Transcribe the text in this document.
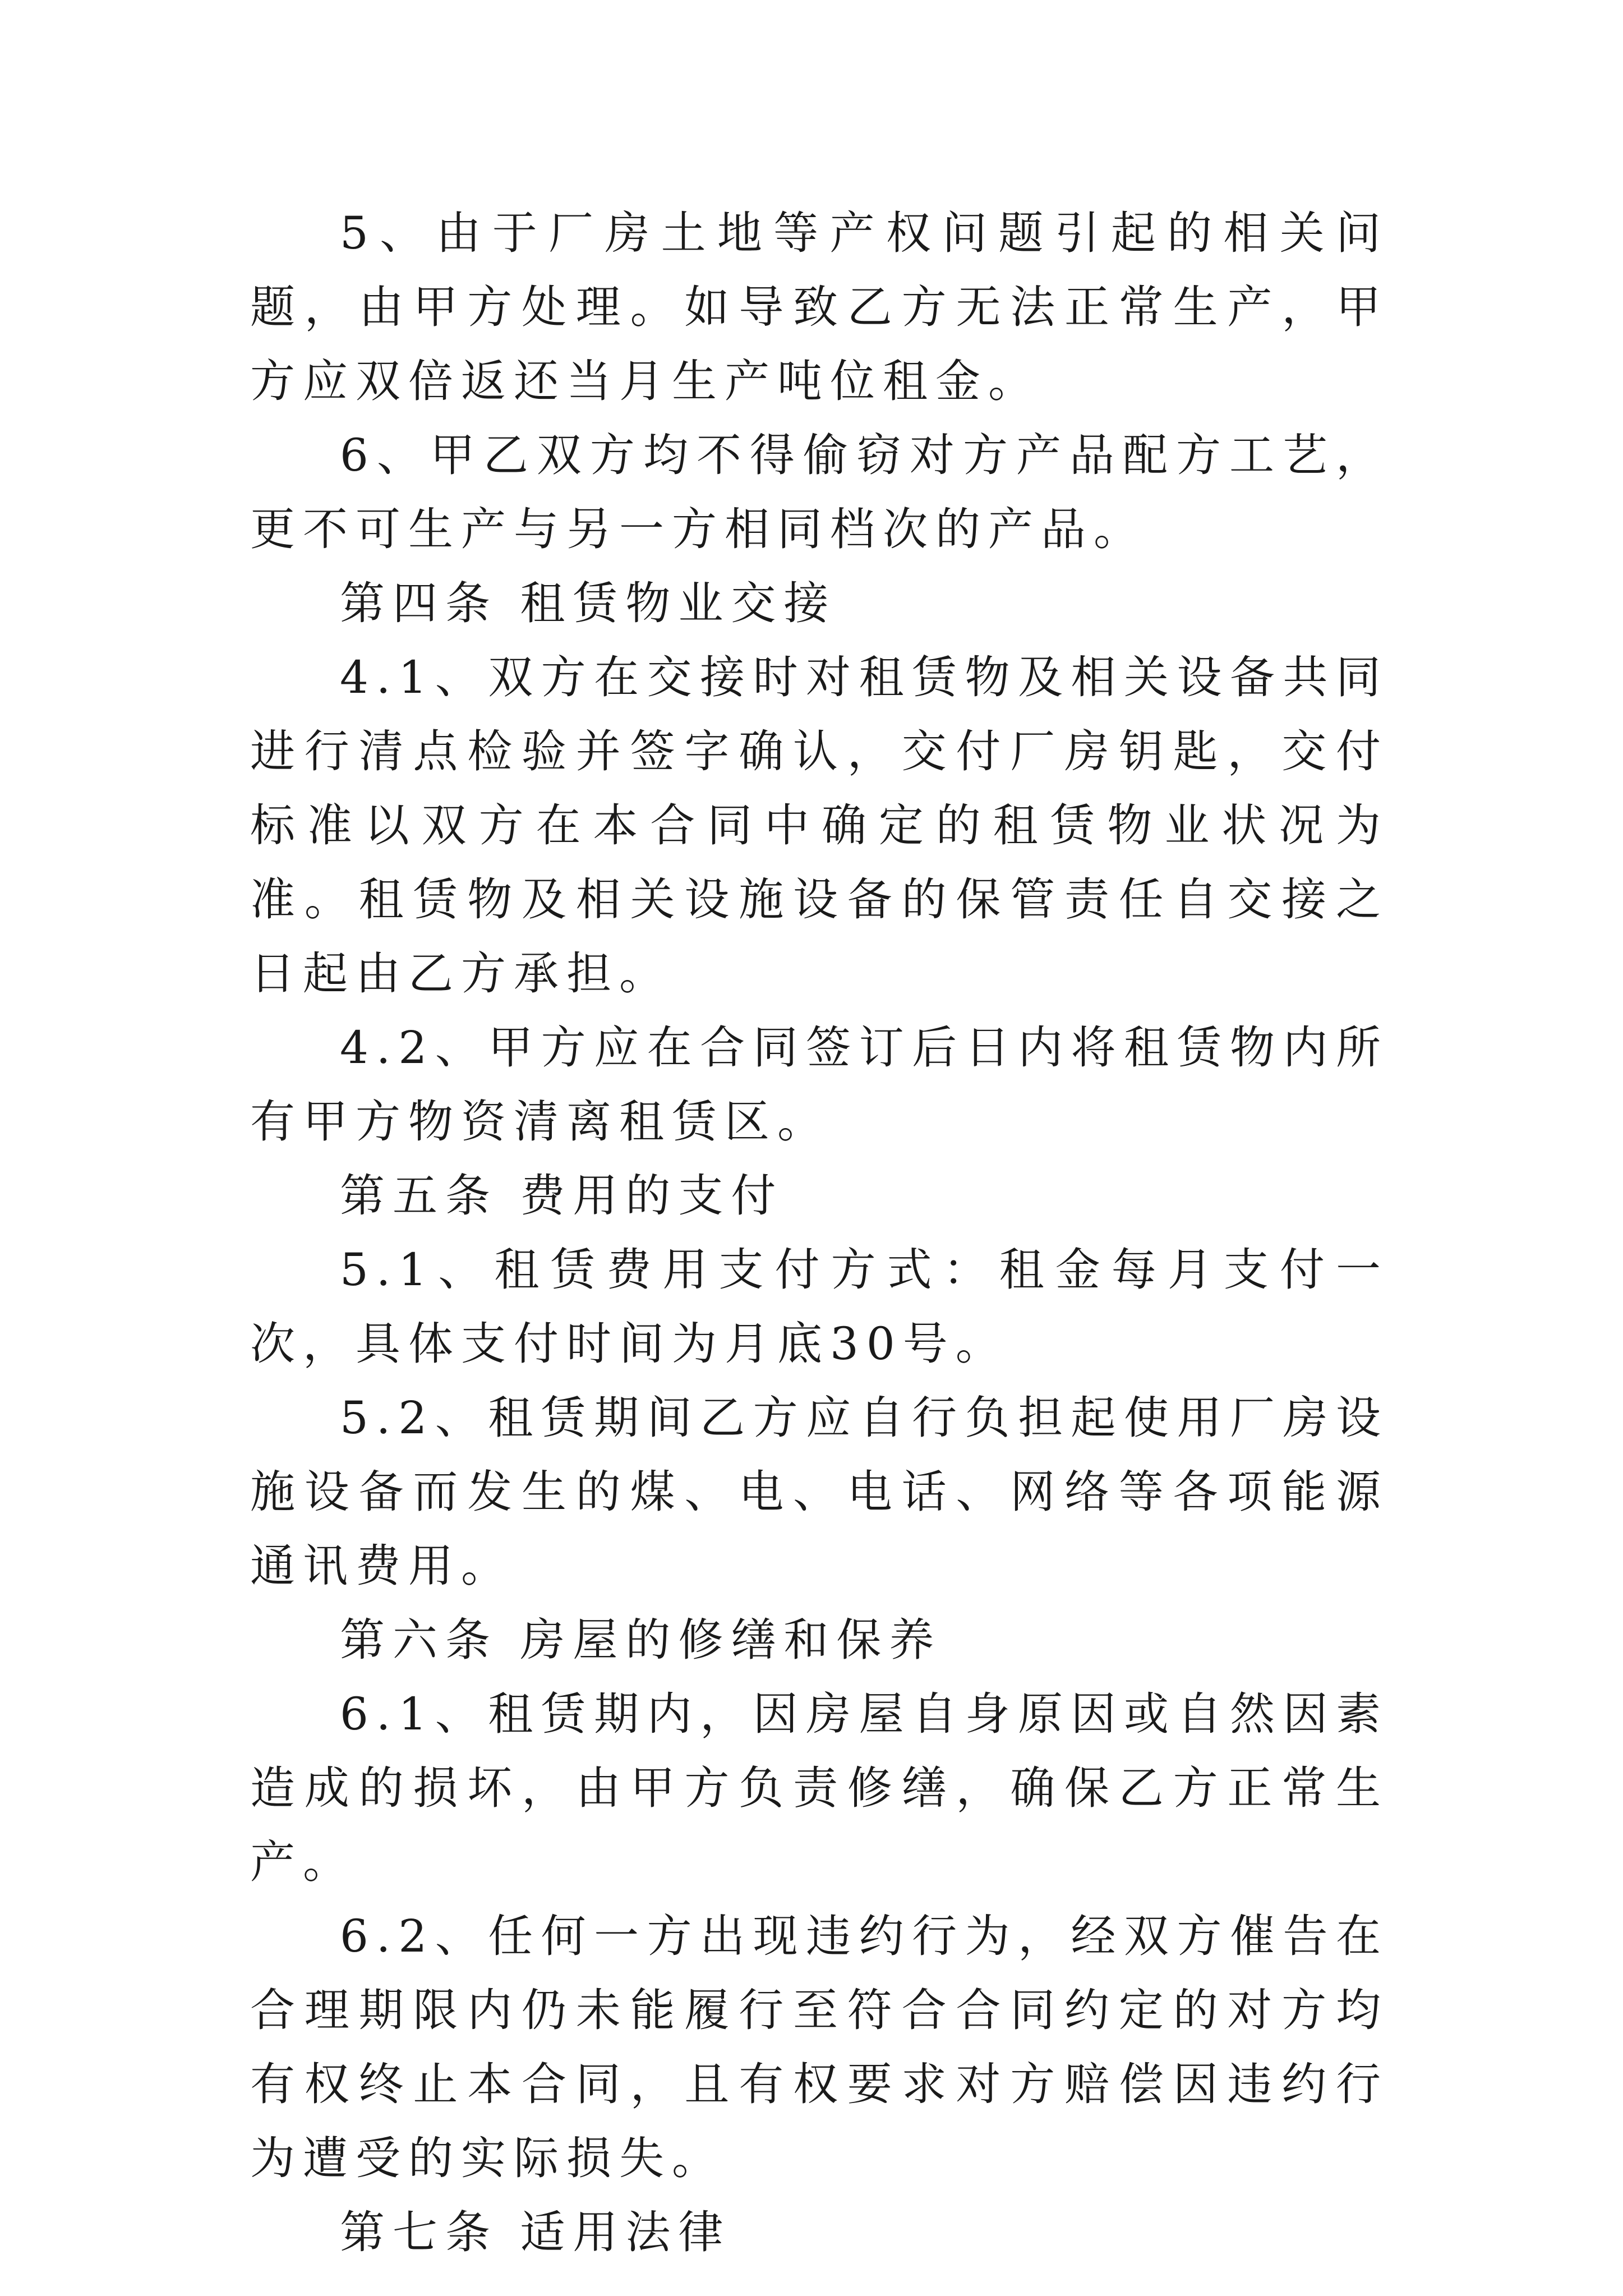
5、由于厂房土地等产权问题引起的相关问题，由甲方处理。如导致乙方无法正常生产，甲方应双倍返还当月生产吨位租金。

6、甲乙双方均不得偷窃对方产品配方工艺，更不可生产与另一方相同档次的产品。

第四条 租赁物业交接

4.1、双方在交接时对租赁物及相关设备共同进行清点检验并签字确认，交付厂房钥匙，交付标准以双方在本合同中确定的租赁物业状况为准。租赁物及相关设施设备的保管责任自交接之日起由乙方承担。

4.2、甲方应在合同签订后日内将租赁物内所有甲方物资清离租赁区。

第五条 费用的支付

5.1、租赁费用支付方式：租金每月支付一次，具体支付时间为月底30号。

5.2、租赁期间乙方应自行负担起使用厂房设施设备而发生的煤、电、电话、网络等各项能源通讯费用。

第六条 房屋的修缮和保养

6.1、租赁期内，因房屋自身原因或自然因素造成的损坏，由甲方负责修缮，确保乙方正常生产。

6.2、任何一方出现违约行为，经双方催告在合理期限内仍未能履行至符合合同约定的对方均有权终止本合同，且有权要求对方赔偿因违约行为遭受的实际损失。

第七条 适用法律
